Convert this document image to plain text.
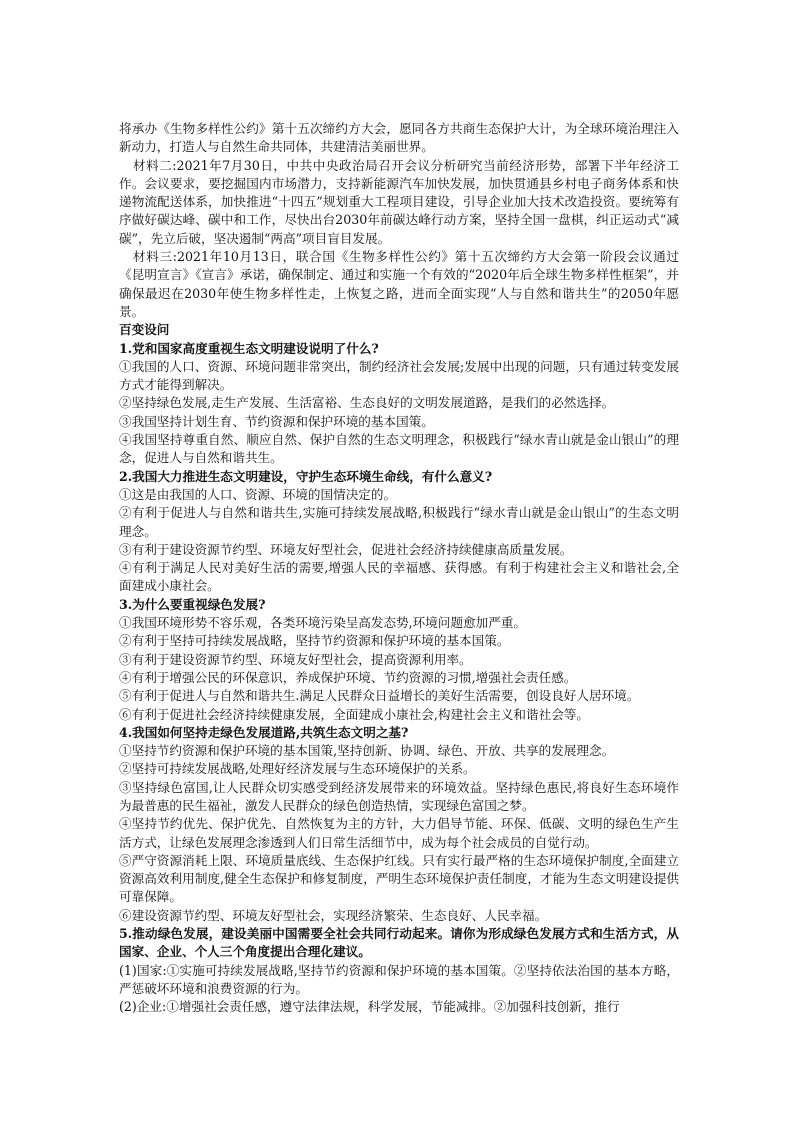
将承办《生物多样性公约》第十五次缔约方大会，愿同各方共商生态保护大计，为全球环境治理注入新动力，打造人与自然生命共同体，共建清洁美丽世界。

材料二:2021年7月30日，中共中央政治局召开会议分析研究当前经济形势，部署下半年经济工作。会议要求，要挖掘国内市场潜力，支持新能源汽车加快发展，加快贯通县乡村电子商务体系和快递物流配送体系，加快推进“十四五”规划重大工程项目建设，引导企业加大技术改造投资。要统筹有序做好碳达峰、碳中和工作，尽快出台2030年前碳达峰行动方案，坚持全国一盘棋，纠正运动式“减碳”，先立后破，坚决遏制“两高”项目盲目发展。

材料三:2021年10月13日，联合国《生物多样性公约》第十五次缔约方大会第一阶段会议通过《昆明宣言》《宣言》承诺，确保制定、通过和实施一个有效的“2020年后全球生物多样性框架”，并确保最迟在2030年使生物多样性走，上恢复之路，进而全面实现“人与自然和谐共生”的2050年愿景。

百变设问

1.党和国家高度重视生态文明建设说明了什么?

①我国的人口、资源、环境问题非常突出，制约经济社会发展;发展中出现的问题，只有通过转变发展方式才能得到解决。

②坚持绿色发展,走生产发展、生活富裕、生态良好的文明发展道路，是我们的必然选择。

③我国坚持计划生育、节约资源和保护环境的基本国策。

④我国坚持尊重自然、顺应自然、保护自然的生态文明理念，积极践行“绿水青山就是金山银山”的理念，促进人与自然和谐共生。

2.我国大力推进生态文明建设，守护生态环境生命线，有什么意义?

①这是由我国的人口、资源、环境的国情决定的。

②有利于促进人与自然和谐共生,实施可持续发展战略,积极践行“绿水青山就是金山银山”的生态文明理念。

③有利于建设资源节约型、环境友好型社会，促进社会经济持续健康高质量发展。

④有利于满足人民对美好生活的需要,增强人民的幸福感、获得感。有利于构建社会主义和谐社会,全面建成小康社会。

3.为什么要重视绿色发展?

①我国环境形势不容乐观，各类环境污染呈高发态势,环境问题愈加严重。

②有利于坚持可持续发展战略，坚持节约资源和保护环境的基本国策。

③有利于建设资源节约型、环境友好型社会，提高资源利用率。

④有利于增强公民的环保意识，养成保护环境、节约资源的习惯,增强社会责任感。

⑤有利于促进人与自然和谐共生.满足人民群众日益增长的美好生活需要，创设良好人居环境。

⑥有利于促进社会经济持续健康发展，全面建成小康社会,构建社会主义和谐社会等。

4.我国如何坚持走绿色发展道路,共筑生态文明之基?

①坚持节约资源和保护环境的基本国策,坚持创新、协调、绿色、开放、共享的发展理念。

②坚持可持续发展战略,处理好经济发展与生态环境保护的关系。

③坚持绿色富国,让人民群众切实感受到经济发展带来的环境效益。坚持绿色惠民,将良好生态环境作为最普惠的民生福祉，激发人民群众的绿色创造热情，实现绿色富国之梦。

④坚持节约优先、保护优先、自然恢复为主的方针，大力倡导节能、环保、低碳、文明的绿色生产生活方式，让绿色发展理念渗透到人们日常生活细节中，成为每个社会成员的自觉行动。

⑤严守资源消耗上限、环境质量底线、生态保护红线。只有实行最严格的生态环境保护制度,全面建立资源高效利用制度,健全生态保护和修复制度，严明生态环境保护责任制度，才能为生态文明建设提供可靠保障。

⑥建设资源节约型、环境友好型社会，实现经济繁荣、生态良好、人民幸福。

5.推动绿色发展，建设美丽中国需要全社会共同行动起来。请你为形成绿色发展方式和生活方式，从国家、企业、个人三个角度提出合理化建议。

(1)国家:①实施可持续发展战略,坚持节约资源和保护环境的基本国策。②坚持依法治国的基本方略，严惩破坏环境和浪费资源的行为。

(2)企业:①增强社会责任感，遵守法律法规，科学发展，节能减排。②加强科技创新，推行
